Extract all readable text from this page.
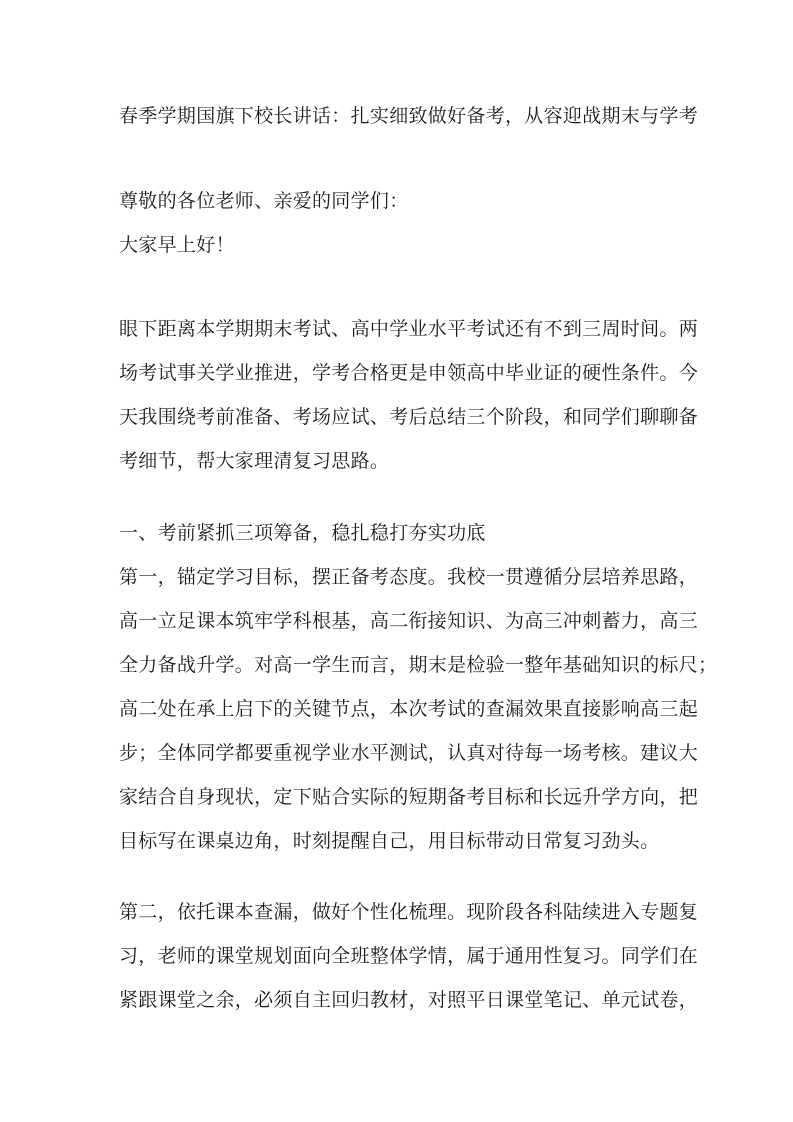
春季学期国旗下校长讲话：扎实细致做好备考，从容迎战期末与学考
尊敬的各位老师、亲爱的同学们：
大家早上好！
眼下距离本学期期末考试、高中学业水平考试还有不到三周时间。两
场考试事关学业推进，学考合格更是申领高中毕业证的硬性条件。今
天我围绕考前准备、考场应试、考后总结三个阶段，和同学们聊聊备
考细节，帮大家理清复习思路。
一、考前紧抓三项筹备，稳扎稳打夯实功底
第一，锚定学习目标，摆正备考态度。我校一贯遵循分层培养思路，
高一立足课本筑牢学科根基，高二衔接知识、为高三冲刺蓄力，高三
全力备战升学。对高一学生而言，期末是检验一整年基础知识的标尺；
高二处在承上启下的关键节点，本次考试的查漏效果直接影响高三起
步；全体同学都要重视学业水平测试，认真对待每一场考核。建议大
家结合自身现状，定下贴合实际的短期备考目标和长远升学方向，把
目标写在课桌边角，时刻提醒自己，用目标带动日常复习劲头。
第二，依托课本查漏，做好个性化梳理。现阶段各科陆续进入专题复
习，老师的课堂规划面向全班整体学情，属于通用性复习。同学们在
紧跟课堂之余，必须自主回归教材，对照平日课堂笔记、单元试卷，
